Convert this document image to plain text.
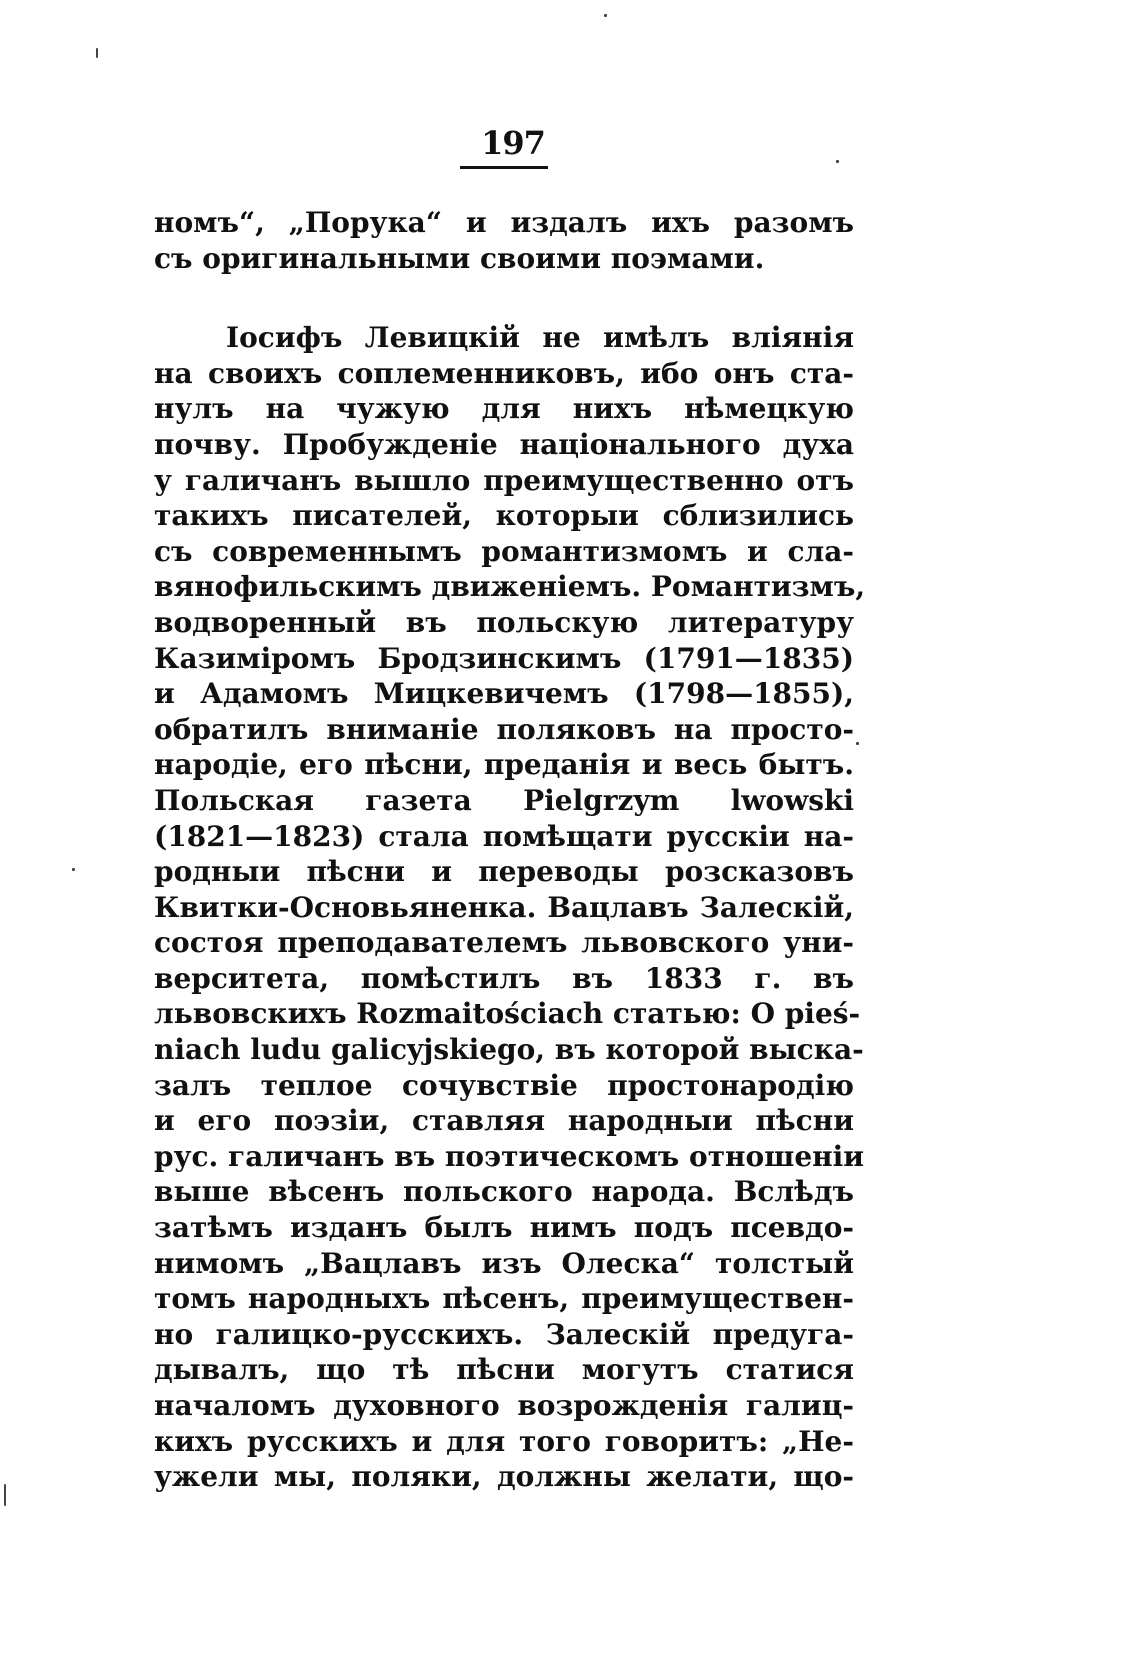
197
номъ“, „Порука“ и издалъ ихъ разомъ
съ оригинальными своими поэмами.
Іосифъ Левицкій не имѣлъ вліянія
на своихъ соплеменниковъ, ибо онъ ста-
нулъ на чужую для нихъ нѣмецкую
почву. Пробужденіе національного духа
у галичанъ вышло преимущественно отъ
такихъ писателей, которыи сблизились
съ современнымъ романтизмомъ и сла-
вянофильскимъ движеніемъ. Романтизмъ,
водворенный въ польскую литературу
Казиміромъ Бродзинскимъ (1791—1835)
и Адамомъ Мицкевичемъ (1798—1855),
обратилъ вниманіе поляковъ на просто-
народіе, его пѣсни, преданія и весь бытъ.
Польская газета Pielgrzym lwowski
(1821—1823) стала помѣщати русскіи на-
родныи пѣсни и переводы розсказовъ
Квитки-Основьяненка. Вацлавъ Залескій,
состоя преподавателемъ львовского уни-
верситета, помѣстилъ въ 1833 г. въ
львовскихъ Rozmaitościach статью: О pieś-
niach ludu galicyjskiego, въ которой выска-
залъ теплое сочувствіе простонародію
и его поэзіи, ставляя народныи пѣсни
рус. галичанъ въ поэтическомъ отношеніи
выше вѣсенъ польского народа. Вслѣдъ
затѣмъ изданъ былъ нимъ подъ псевдо-
нимомъ „Вацлавъ изъ Олеска“ толстый
томъ народныхъ пѣсенъ, преимуществен-
но галицко-русскихъ. Залескій предуга-
дывалъ, що тѣ пѣсни могутъ статися
началомъ духовного возрожденія галиц-
кихъ русскихъ и для того говоритъ: „Не-
ужели мы, поляки, должны желати, що-
